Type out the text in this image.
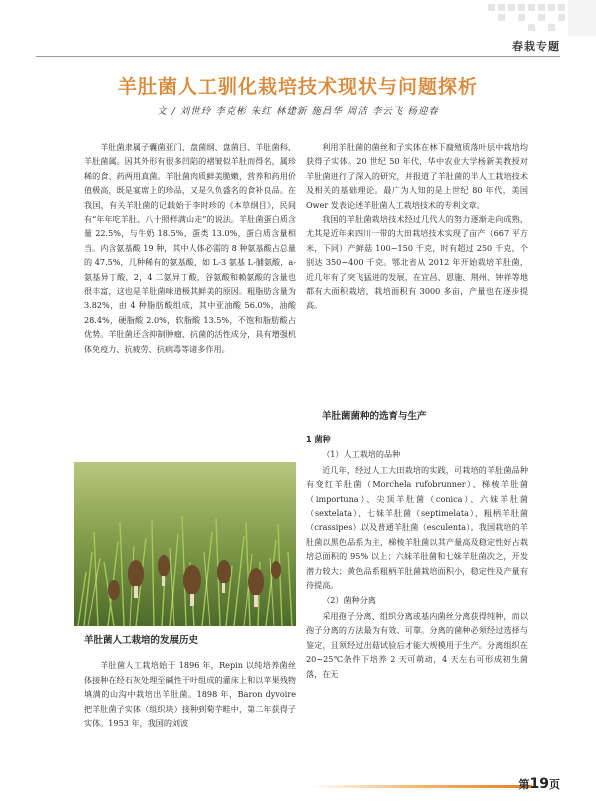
春栽专题
羊肚菌人工驯化栽培技术现状与问题探析
文 / 刘世玲 李克彬 朱红 林建新 施昌华 周洁 李云飞 杨迎春

羊肚菌隶属子囊菌亚门、盘菌纲、盘菌目、羊肚菌科、羊肚菌属。因其外形有很多凹陷的褶皱似羊肚而得名，属珍稀的食、药两用真菌。羊肚菌肉质鲜美脆嫩，营养和药用价值极高，既是宴席上的珍品，又是久负盛名的食补良品。在我国，有关羊肚菌的记载始于李时珍的《本草纲目》，民间有“年年吃羊肚、八十照样满山走”的说法。羊肚菌蛋白质含量 22.5%，与牛奶 18.5%、蛋类 13.0%，蛋白质含量相当。内含氨基酸 19 种，其中人体必需的 8 种氨基酸占总量的 47.5%，几种稀有的氨基酸，如 L-3 氨基 L-脯氨酸，a-氨基异丁酸，2，4 二氨异丁酸，谷氨酸和赖氨酸的含量也很丰富，这也是羊肚菌味道极其鲜美的原因。粗脂肪含量为 3.82%，由 4 种脂肪酸组成，其中亚油酸 56.0%，油酸 28.4%，硬脂酸 2.0%，软脂酸 13.5%，不饱和脂肪酸占优势。羊肚菌还含抑制肿瘤、抗菌的活性成分，具有增强机体免疫力、抗疲劳、抗病毒等诸多作用。

利用羊肚菌的菌丝和子实体在林下腐殖质落叶层中栽培均获得子实体。20 世纪 50 年代，华中农业大学杨新美教授对羊肚菌进行了深入的研究，并报道了羊肚菌的半人工栽培技术及相关的基础理论。最广为人知的是上世纪 80 年代，美国 Ower 发表论述羊肚菌人工栽培技术的专利文章。

我国的羊肚菌栽培技术经过几代人的努力逐渐走向成熟，尤其是近年来四川一带的大田栽培技术实现了亩产（667 平方米，下同）产鲜菇 100~150 千克，时有超过 250 千克，个别达 350~400 千克。鄂北省从 2012 年开始栽培羊肚菌，近几年有了突飞猛进的发展，在宜昌、恩施、荆州、钟祥等地都有大面积栽培，栽培面积有 3000 多亩，产量也在逐步提高。

羊肚菌人工栽培的发展历史

羊肚菌人工栽培始于 1896 年，Repin 以纯培养菌丝体接种在经石灰处理至碱性干叶组成的灌床上和以苹果残物填满的山沟中栽培出羊肚菌。1898 年，Baron dyvoire 把羊肚菌子实体（组织块）接种到菊芋畦中，第二年获得子实体。1953 年，我国的刘波

羊肚菌菌种的选育与生产
1 菌种
（1）人工栽培的品种

近几年，经过人工大田栽培的实践，可栽培的羊肚菌品种有变红羊肚菌（Morchela rufobrunner）、梯棱羊肚菌（importuna）、尖顶羊肚菌（conica）、六妹羊肚菌（sextelata）、七妹羊肚菌（septimelata）、粗柄羊肚菌（crassipes）以及普通羊肚菌（esculenta）。我国栽培的羊肚菌以黑色品系为主，梯棱羊肚菌以其产量高及稳定性好占栽培总面积的 95% 以上；六妹羊肚菌和七妹羊肚菌次之，开发潜力较大；黄色品系粗柄羊肚菌栽培面积小，稳定性及产量有待提高。

（2）菌种分离

采用孢子分离、组织分离或基内菌丝分离获得纯种，而以孢子分离的方法最为有效、可靠。分离的菌种必须经过选择与鉴定，且须经过出菇试验后才能大规模用于生产。分离组织在 20~25℃条件下培养 2 天可萌动，4 天左右可形成初生菌落，在无

第19页
